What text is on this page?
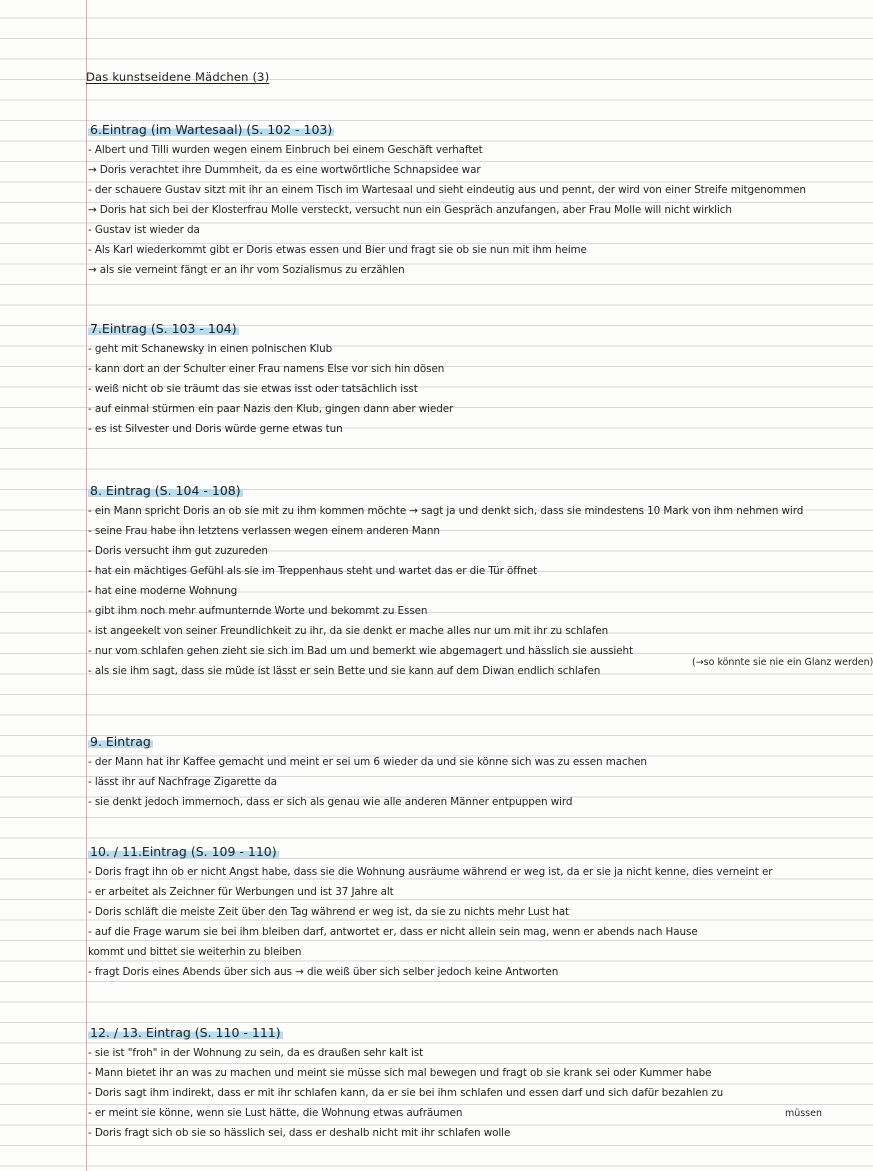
Das kunstseidene Mädchen (3)
6.Eintrag (im Wartesaal) (S. 102 - 103)
- Albert und Tilli wurden wegen einem Einbruch bei einem Geschäft verhaftet
→ Doris verachtet ihre Dummheit, da es eine wortwörtliche Schnapsidee war
- der schauere Gustav sitzt mit ihr an einem Tisch im Wartesaal und sieht eindeutig aus und pennt, der wird von einer Streife mitgenommen
→ Doris hat sich bei der Klosterfrau Molle versteckt, versucht nun ein Gespräch anzufangen, aber Frau Molle will nicht wirklich
- Gustav ist wieder da
- Als Karl wiederkommt gibt er Doris etwas essen und Bier und fragt sie ob sie nun mit ihm heime
→ als sie verneint fängt er an ihr vom Sozialismus zu erzählen
7.Eintrag (S. 103 - 104)
- geht mit Schanewsky in einen polnischen Klub
- kann dort an der Schulter einer Frau namens Else vor sich hin dösen
- weiß nicht ob sie träumt das sie etwas isst oder tatsächlich isst
- auf einmal stürmen ein paar Nazis den Klub, gingen dann aber wieder
- es ist Silvester und Doris würde gerne etwas tun
8. Eintrag (S. 104 - 108)
- ein Mann spricht Doris an ob sie mit zu ihm kommen möchte → sagt ja und denkt sich, dass sie mindestens 10 Mark von ihm nehmen wird
- seine Frau habe ihn letztens verlassen wegen einem anderen Mann
- Doris versucht ihm gut zuzureden
- hat ein mächtiges Gefühl als sie im Treppenhaus steht und wartet das er die Tür öffnet
- hat eine moderne Wohnung
- gibt ihm noch mehr aufmunternde Worte und bekommt zu Essen
- ist angeekelt von seiner Freundlichkeit zu ihr, da sie denkt er mache alles nur um mit ihr zu schlafen
- nur vom schlafen gehen zieht sie sich im Bad um und bemerkt wie abgemagert und hässlich sie aussieht
- als sie ihm sagt, dass sie müde ist lässt er sein Bette und sie kann auf dem Diwan endlich schlafen
(→so könnte sie nie ein Glanz werden)
9. Eintrag
- der Mann hat ihr Kaffee gemacht und meint er sei um 6 wieder da und sie könne sich was zu essen machen
- lässt ihr auf Nachfrage Zigarette da
- sie denkt jedoch immernoch, dass er sich als genau wie alle anderen Männer entpuppen wird
10. / 11.Eintrag (S. 109 - 110)
- Doris fragt ihn ob er nicht Angst habe, dass sie die Wohnung ausräume während er weg ist, da er sie ja nicht kenne, dies verneint er
- er arbeitet als Zeichner für Werbungen und ist 37 Jahre alt
- Doris schläft die meiste Zeit über den Tag während er weg ist, da sie zu nichts mehr Lust hat
- auf die Frage warum sie bei ihm bleiben darf, antwortet er, dass er nicht allein sein mag, wenn er abends nach Hause
kommt und bittet sie weiterhin zu bleiben
- fragt Doris eines Abends über sich aus → die weiß über sich selber jedoch keine Antworten
12. / 13. Eintrag (S. 110 - 111)
- sie ist "froh" in der Wohnung zu sein, da es draußen sehr kalt ist
- Mann bietet ihr an was zu machen und meint sie müsse sich mal bewegen und fragt ob sie krank sei oder Kummer habe
- Doris sagt ihm indirekt, dass er mit ihr schlafen kann, da er sie bei ihm schlafen und essen darf und sich dafür bezahlen zu
- er meint sie könne, wenn sie Lust hätte, die Wohnung etwas aufräumen
- Doris fragt sich ob sie so hässlich sei, dass er deshalb nicht mit ihr schlafen wolle
müssen
